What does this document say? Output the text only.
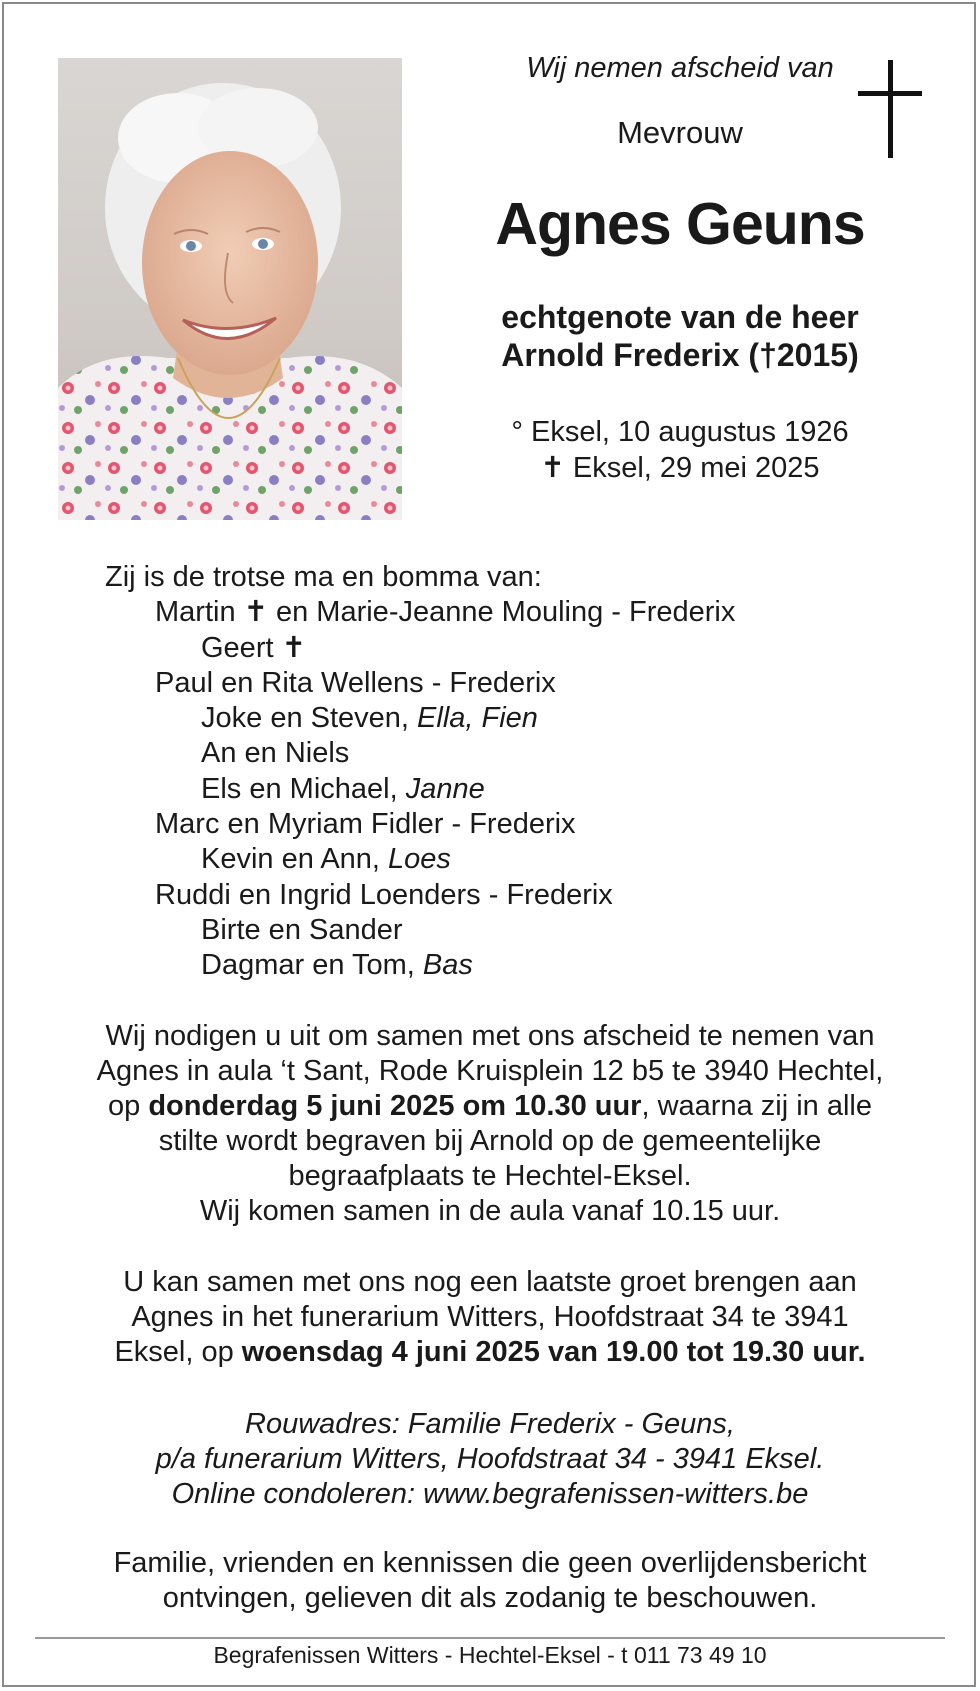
Wij nemen afscheid van

Mevrouw

Agnes Geuns

echtgenote van de heer
Arnold Frederix (†2015)
° Eksel, 10 augustus 1926
✝ Eksel, 29 mei 2025
Zij is de trotse ma en bomma van:
Martin ✝ en Marie-Jeanne Mouling - Frederix
Geert ✝
Paul en Rita Wellens - Frederix
Joke en Steven, Ella, Fien
An en Niels
Els en Michael, Janne
Marc en Myriam Fidler - Frederix
Kevin en Ann, Loes
Ruddi en Ingrid Loenders - Frederix
Birte en Sander
Dagmar en Tom, Bas
Wij nodigen u uit om samen met ons afscheid te nemen van
Agnes in aula ‘t Sant, Rode Kruisplein 12 b5 te 3940 Hechtel,
op donderdag 5 juni 2025 om 10.30 uur, waarna zij in alle
stilte wordt begraven bij Arnold op de gemeentelijke
begraafplaats te Hechtel-Eksel.
Wij komen samen in de aula vanaf 10.15 uur.
U kan samen met ons nog een laatste groet brengen aan
Agnes in het funerarium Witters, Hoofdstraat 34 te 3941
Eksel, op woensdag 4 juni 2025 van 19.00 tot 19.30 uur.
Rouwadres: Familie Frederix - Geuns,
p/a funerarium Witters, Hoofdstraat 34 - 3941 Eksel.
Online condoleren: www.begrafenissen-witters.be
Familie, vrienden en kennissen die geen overlijdensbericht
ontvingen, gelieven dit als zodanig te beschouwen.
Begrafenissen Witters - Hechtel-Eksel - t 011 73 49 10
